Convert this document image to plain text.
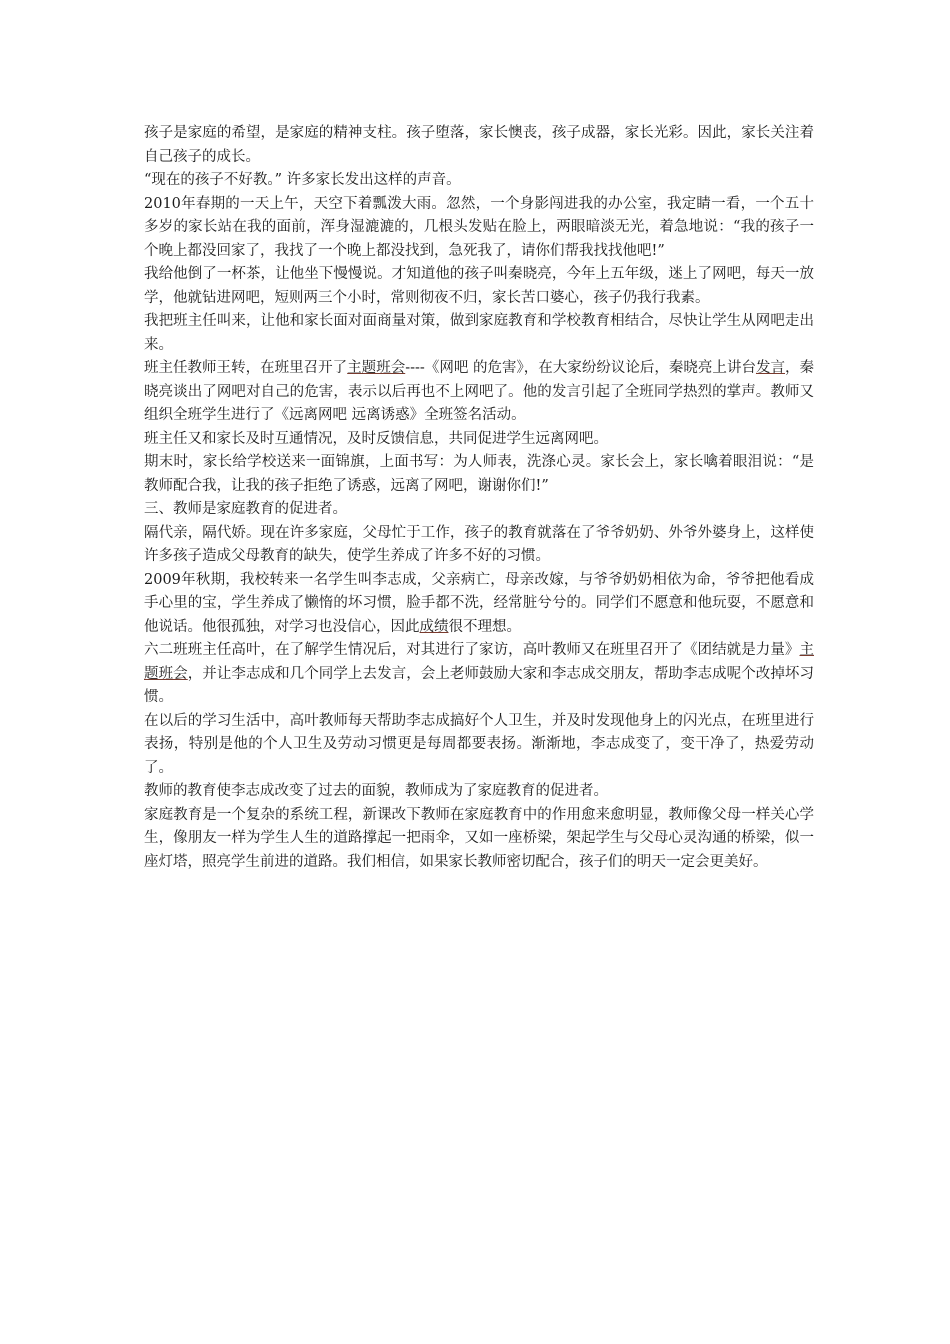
孩子是家庭的希望，是家庭的精神支柱。孩子堕落，家长懊丧，孩子成器，家长光彩。因此，家长关注着自己孩子的成长。

“现在的孩子不好教。” 许多家长发出这样的声音。

2010年春期的一天上午，天空下着瓢泼大雨。忽然，一个身影闯进我的办公室，我定睛一看，一个五十多岁的家长站在我的面前，浑身湿漉漉的，几根头发贴在脸上，两眼暗淡无光，着急地说：“我的孩子一个晚上都没回家了，我找了一个晚上都没找到，急死我了，请你们帮我找找他吧!”

我给他倒了一杯茶，让他坐下慢慢说。才知道他的孩子叫秦晓亮，今年上五年级，迷上了网吧，每天一放学，他就钻进网吧，短则两三个小时，常则彻夜不归，家长苦口婆心，孩子仍我行我素。

我把班主任叫来，让他和家长面对面商量对策，做到家庭教育和学校教育相结合，尽快让学生从网吧走出来。

班主任教师王转，在班里召开了主题班会----《网吧 的危害》，在大家纷纷议论后，秦晓亮上讲台发言，秦晓亮谈出了网吧对自己的危害，表示以后再也不上网吧了。他的发言引起了全班同学热烈的掌声。教师又组织全班学生进行了《远离网吧 远离诱惑》全班签名活动。

班主任又和家长及时互通情况，及时反馈信息，共同促进学生远离网吧。

期末时，家长给学校送来一面锦旗，上面书写：为人师表，洗涤心灵。家长会上，家长噙着眼泪说：“是教师配合我，让我的孩子拒绝了诱惑，远离了网吧，谢谢你们!”

三、教师是家庭教育的促进者。

隔代亲，隔代娇。现在许多家庭，父母忙于工作，孩子的教育就落在了爷爷奶奶、外爷外婆身上，这样使许多孩子造成父母教育的缺失，使学生养成了许多不好的习惯。

2009年秋期，我校转来一名学生叫李志成，父亲病亡，母亲改嫁，与爷爷奶奶相依为命，爷爷把他看成手心里的宝，学生养成了懒惰的坏习惯，脸手都不洗，经常脏兮兮的。同学们不愿意和他玩耍，不愿意和他说话。他很孤独，对学习也没信心，因此成绩很不理想。

六二班班主任高叶，在了解学生情况后，对其进行了家访，高叶教师又在班里召开了《团结就是力量》主题班会，并让李志成和几个同学上去发言，会上老师鼓励大家和李志成交朋友，帮助李志成呢个改掉坏习惯。

在以后的学习生活中，高叶教师每天帮助李志成搞好个人卫生，并及时发现他身上的闪光点，在班里进行表扬，特别是他的个人卫生及劳动习惯更是每周都要表扬。渐渐地，李志成变了，变干净了，热爱劳动了。

教师的教育使李志成改变了过去的面貌，教师成为了家庭教育的促进者。

家庭教育是一个复杂的系统工程，新课改下教师在家庭教育中的作用愈来愈明显，教师像父母一样关心学生，像朋友一样为学生人生的道路撑起一把雨伞，又如一座桥梁，架起学生与父母心灵沟通的桥梁，似一座灯塔，照亮学生前进的道路。我们相信，如果家长教师密切配合，孩子们的明天一定会更美好。
